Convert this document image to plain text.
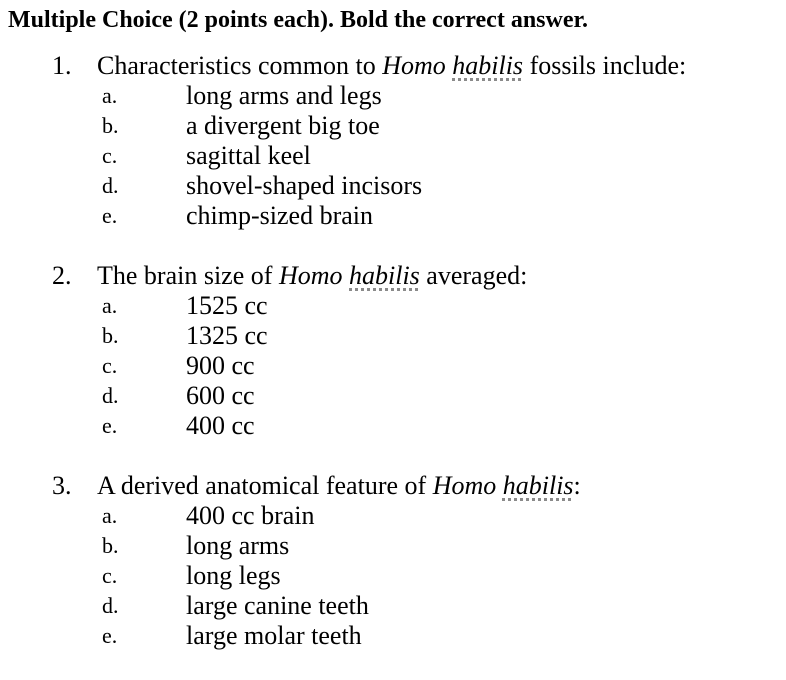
Multiple Choice (2 points each). Bold the correct answer.
1. Characteristics common to Homo habilis fossils include:
a.	long arms and legs
b.	a divergent big toe
c.	sagittal keel
d.	shovel-shaped incisors
e.	chimp-sized brain
2. The brain size of Homo habilis averaged:
a.	1525 cc
b.	1325 cc
c.	900 cc
d.	600 cc
e.	400 cc
3. A derived anatomical feature of Homo habilis:
a.	400 cc brain
b.	long arms
c.	long legs
d.	large canine teeth
e.	large molar teeth
